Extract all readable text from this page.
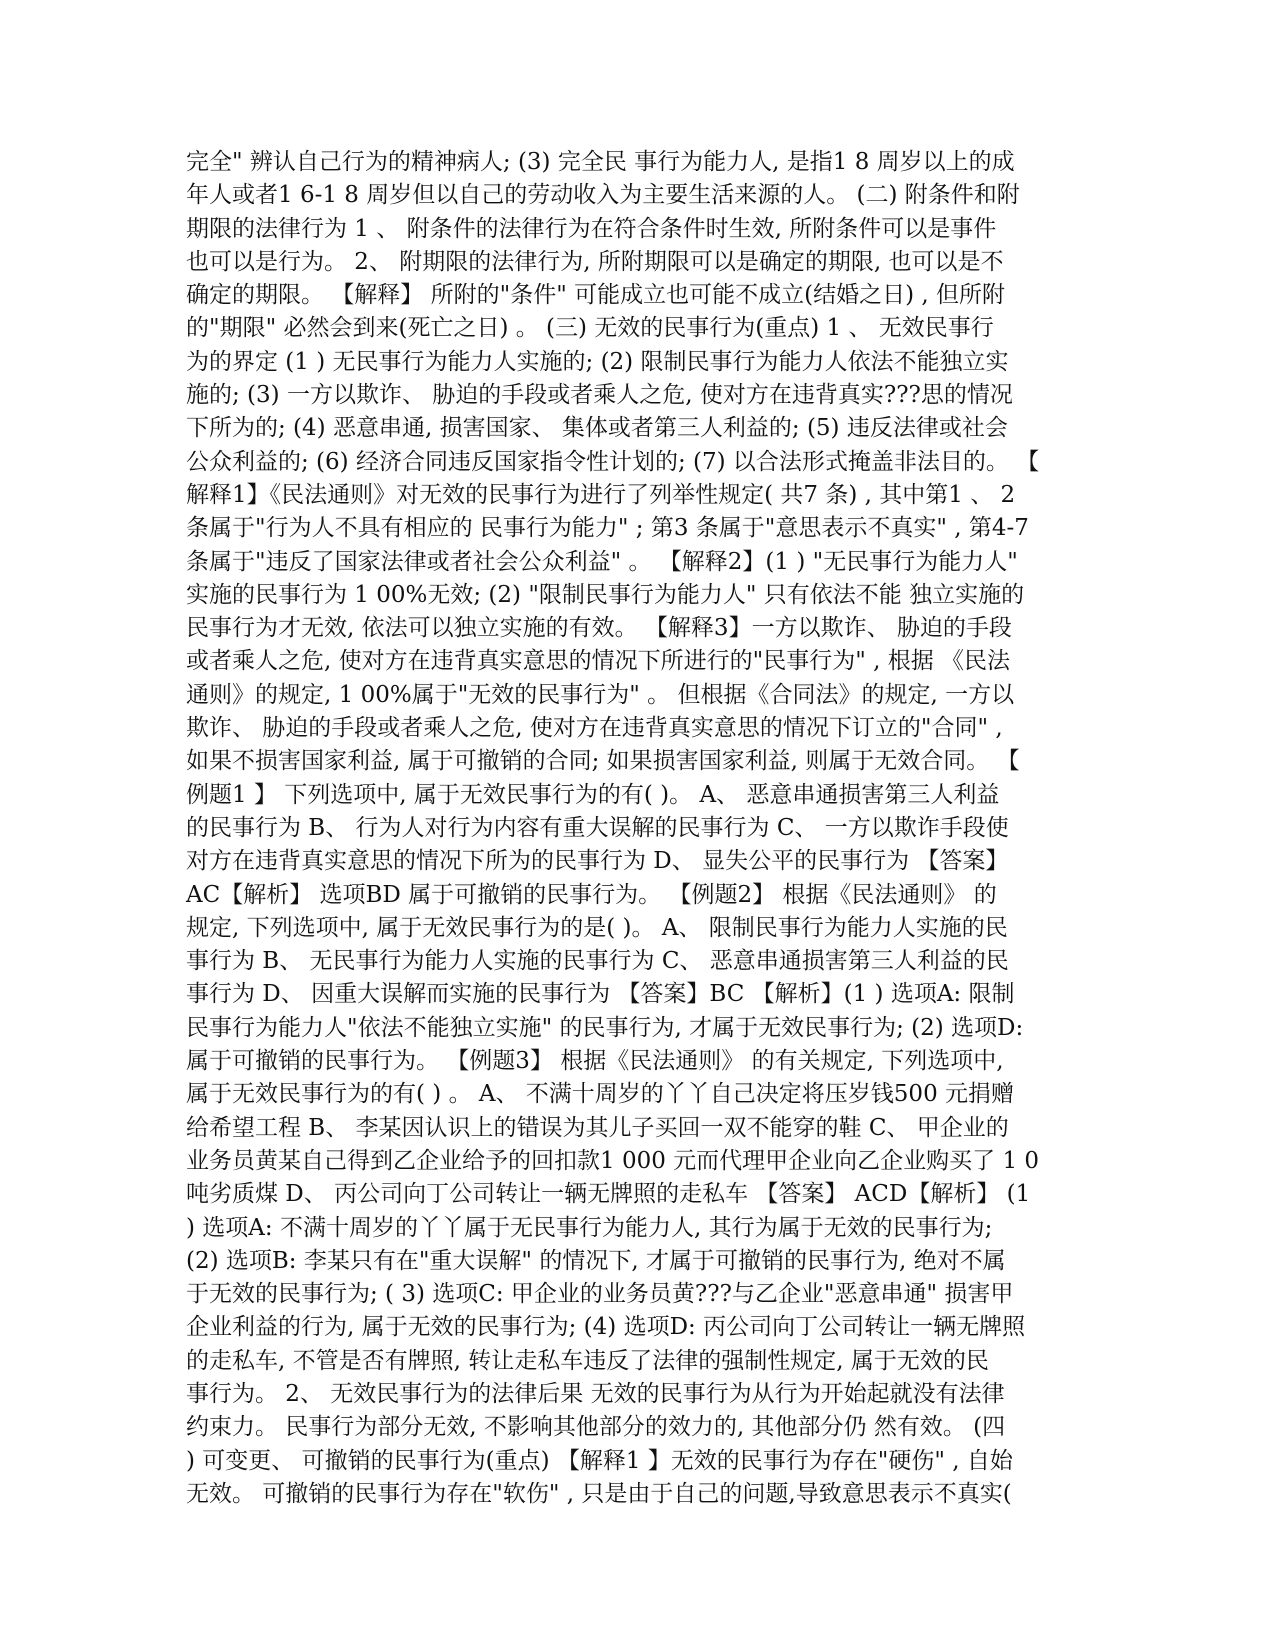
完全" 辨认自己行为的精神病人; (3) 完全民 事行为能力人, 是指1 8 周岁以上的成
年人或者1 6-1 8 周岁但以自己的劳动收入为主要生活来源的人。 (二) 附条件和附
期限的法律行为 1 、 附条件的法律行为在符合条件时生效, 所附条件可以是事件
也可以是行为。 2、 附期限的法律行为, 所附期限可以是确定的期限, 也可以是不
确定的期限。 【解释】 所附的"条件" 可能成立也可能不成立(结婚之日) , 但所附
的"期限" 必然会到来(死亡之日) 。 (三) 无效的民事行为(重点) 1 、 无效民事行
为的界定 (1 ) 无民事行为能力人实施的; (2) 限制民事行为能力人依法不能独立实
施的; (3) 一方以欺诈、 胁迫的手段或者乘人之危, 使对方在违背真实???思的情况
下所为的; (4) 恶意串通, 损害国家、 集体或者第三人利益的; (5) 违反法律或社会
公众利益的; (6) 经济合同违反国家指令性计划的; (7) 以合法形式掩盖非法目的。 【
解释1】《民法通则》对无效的民事行为进行了列举性规定( 共7 条) , 其中第1 、 2
条属于"行为人不具有相应的 民事行为能力" ; 第3 条属于"意思表示不真实" , 第4-7
条属于"违反了国家法律或者社会公众利益" 。 【解释2】(1 ) "无民事行为能力人"
实施的民事行为 1 00%无效; (2) "限制民事行为能力人" 只有依法不能 独立实施的
民事行为才无效, 依法可以独立实施的有效。 【解释3】一方以欺诈、 胁迫的手段
或者乘人之危, 使对方在违背真实意思的情况下所进行的"民事行为" , 根据 《民法
通则》的规定, 1 00%属于"无效的民事行为" 。 但根据《合同法》的规定, 一方以
欺诈、 胁迫的手段或者乘人之危, 使对方在违背真实意思的情况下订立的"合同" ,
如果不损害国家利益, 属于可撤销的合同; 如果损害国家利益, 则属于无效合同。 【
例题1 】 下列选项中, 属于无效民事行为的有( )。 A、 恶意串通损害第三人利益
的民事行为 B、 行为人对行为内容有重大误解的民事行为 C、 一方以欺诈手段使
对方在违背真实意思的情况下所为的民事行为 D、 显失公平的民事行为 【答案】
AC【解析】 选项BD 属于可撤销的民事行为。 【例题2】 根据《民法通则》 的
规定, 下列选项中, 属于无效民事行为的是( )。 A、 限制民事行为能力人实施的民
事行为 B、 无民事行为能力人实施的民事行为 C、 恶意串通损害第三人利益的民
事行为 D、 因重大误解而实施的民事行为 【答案】BC 【解析】(1 ) 选项A: 限制
民事行为能力人"依法不能独立实施" 的民事行为, 才属于无效民事行为; (2) 选项D:
属于可撤销的民事行为。 【例题3】 根据《民法通则》 的有关规定, 下列选项中,
属于无效民事行为的有( ) 。 A、 不满十周岁的丫丫自己决定将压岁钱500 元捐赠
给希望工程 B、 李某因认识上的错误为其儿子买回一双不能穿的鞋 C、 甲企业的
业务员黄某自己得到乙企业给予的回扣款1 000 元而代理甲企业向乙企业购买了 1 0
吨劣质煤 D、 丙公司向丁公司转让一辆无牌照的走私车 【答案】 ACD【解析】 (1
) 选项A: 不满十周岁的丫丫属于无民事行为能力人, 其行为属于无效的民事行为;
(2) 选项B: 李某只有在"重大误解" 的情况下, 才属于可撤销的民事行为, 绝对不属
于无效的民事行为; ( 3) 选项C: 甲企业的业务员黄???与乙企业"恶意串通" 损害甲
企业利益的行为, 属于无效的民事行为; (4) 选项D: 丙公司向丁公司转让一辆无牌照
的走私车, 不管是否有牌照, 转让走私车违反了法律的强制性规定, 属于无效的民
事行为。 2、 无效民事行为的法律后果 无效的民事行为从行为开始起就没有法律
约束力。 民事行为部分无效, 不影响其他部分的效力的, 其他部分仍 然有效。 (四
) 可变更、 可撤销的民事行为(重点) 【解释1 】无效的民事行为存在"硬伤" , 自始
无效。 可撤销的民事行为存在"软伤" , 只是由于自己的问题,导致意思表示不真实(
